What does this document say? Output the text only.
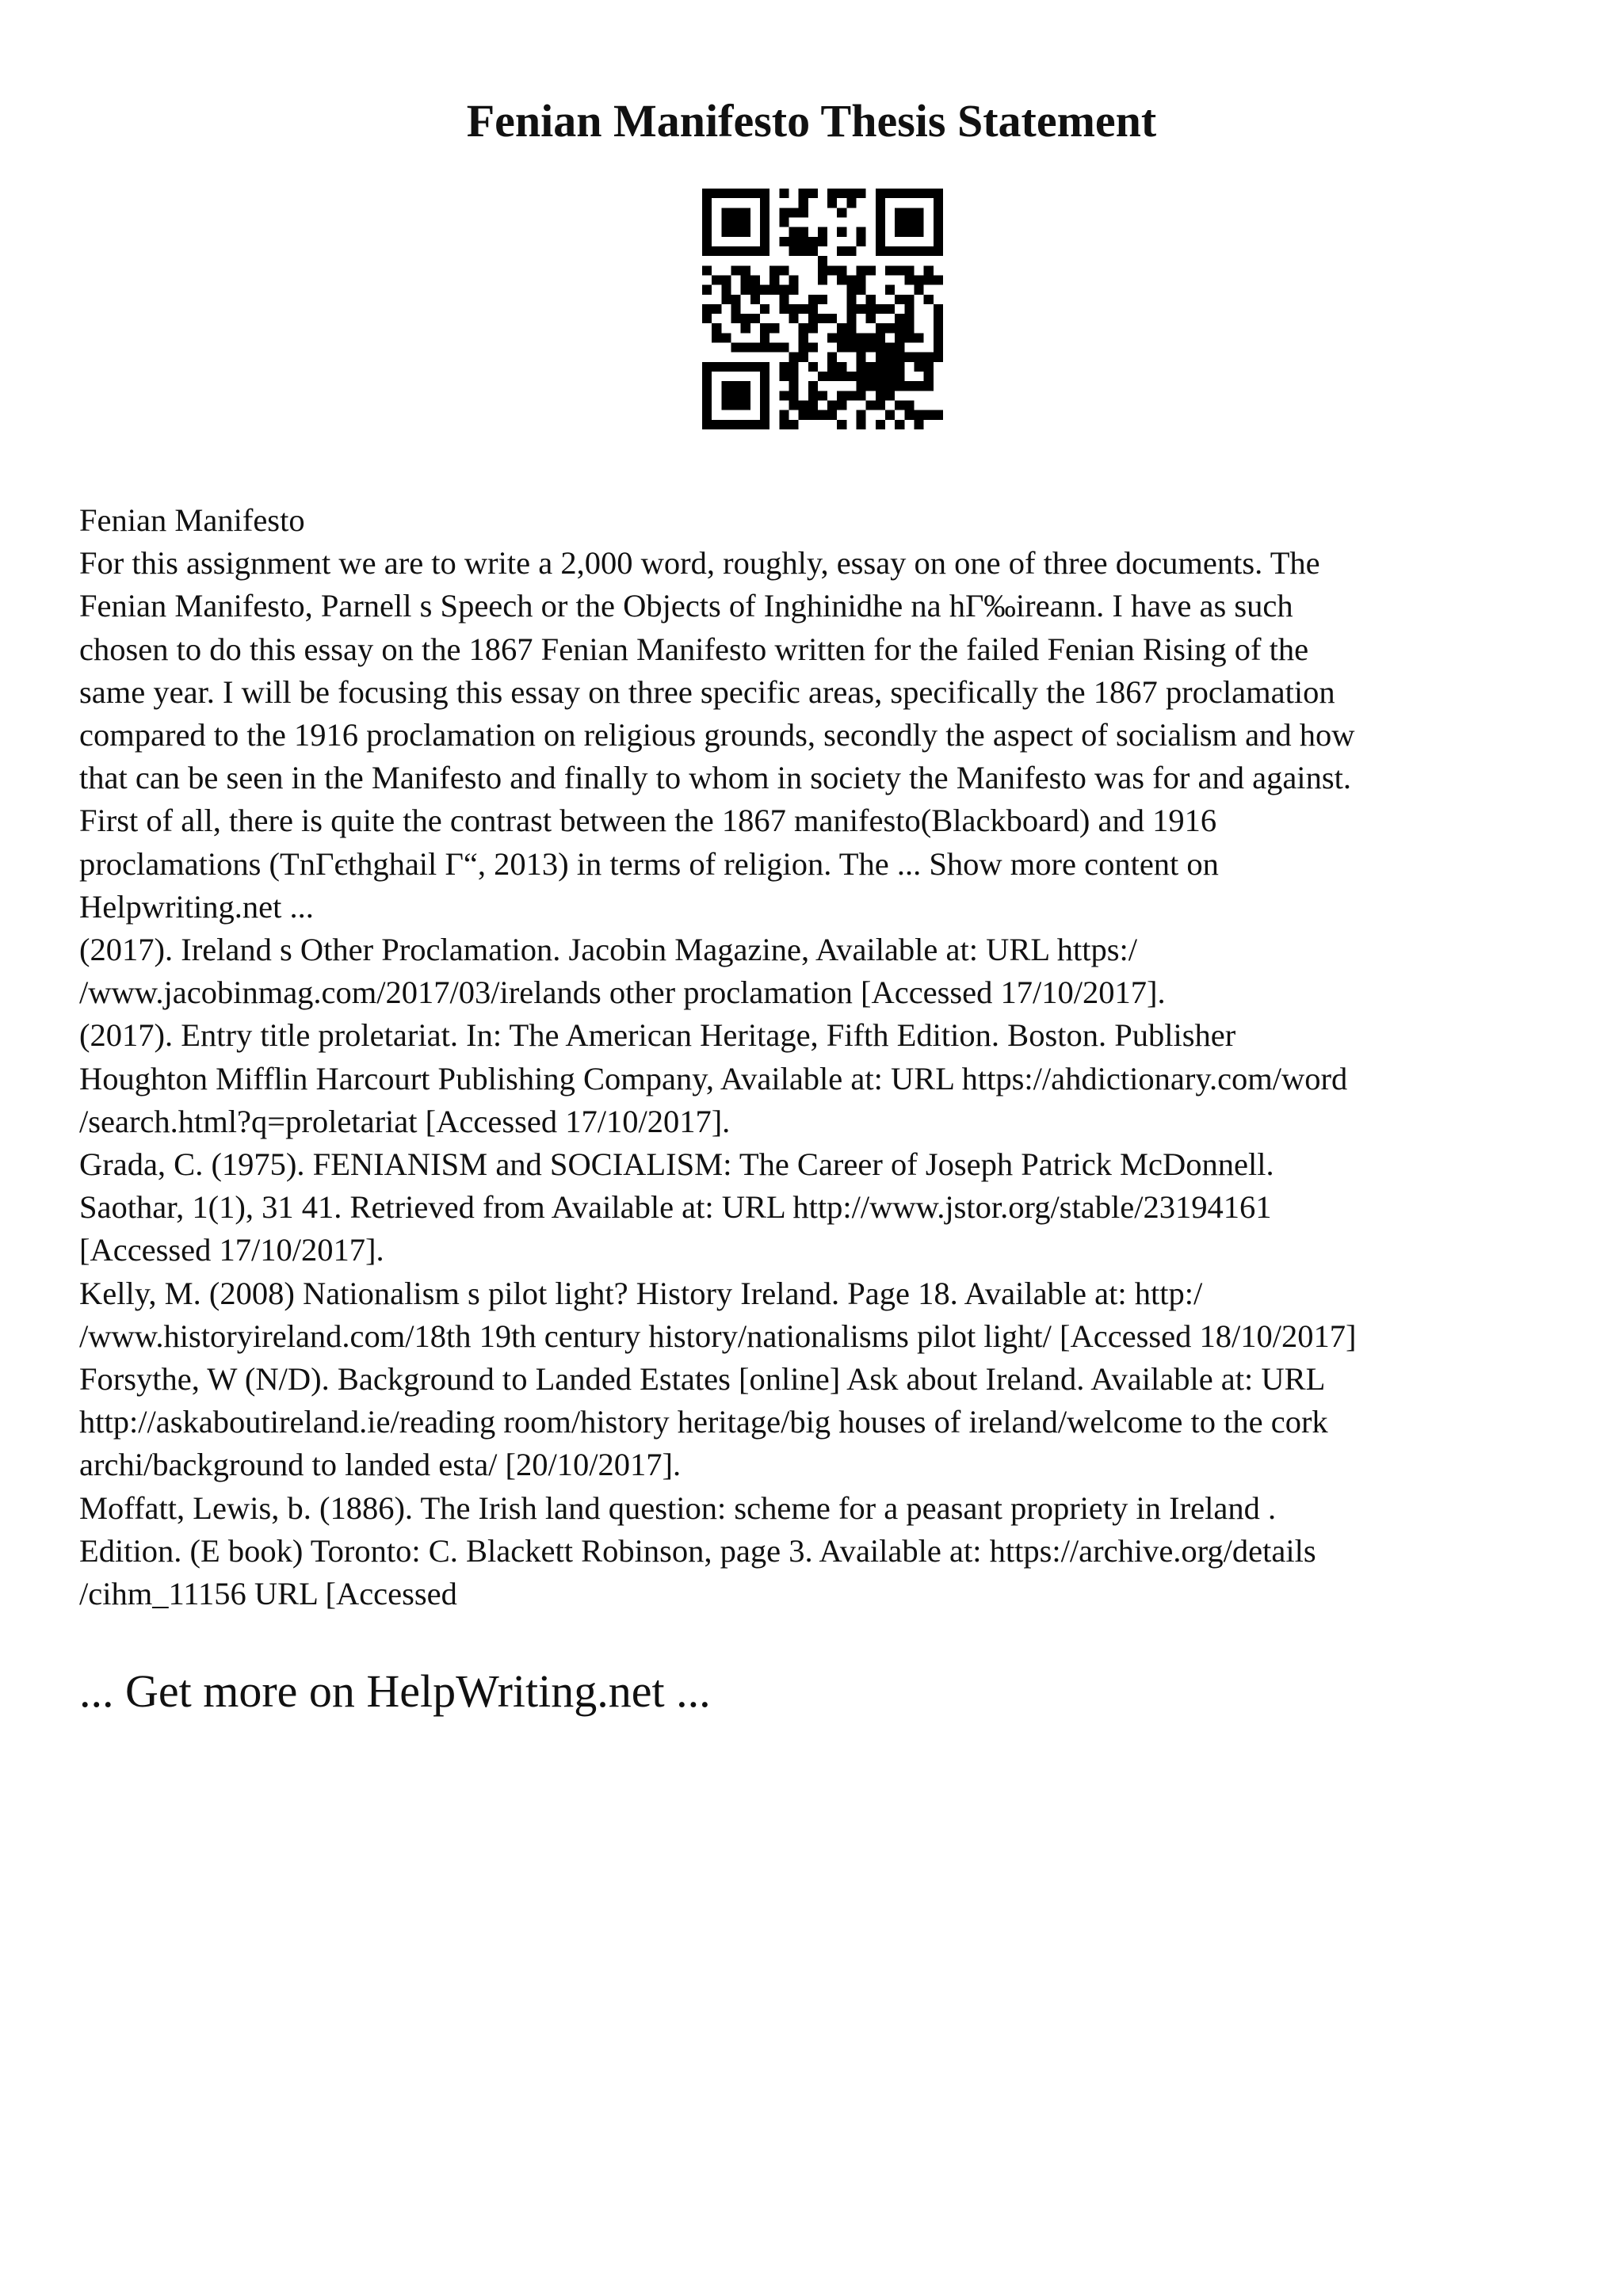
Fenian Manifesto Thesis Statement
Fenian Manifesto
For this assignment we are to write a 2,000 word, roughly, essay on one of three documents. The
Fenian Manifesto, Parnell s Speech or the Objects of Inghinidhe na hΓ‰ireann. I have as such
chosen to do this essay on the 1867 Fenian Manifesto written for the failed Fenian Rising of the
same year. I will be focusing this essay on three specific areas, specifically the 1867 proclamation
compared to the 1916 proclamation on religious grounds, secondly the aspect of socialism and how
that can be seen in the Manifesto and finally to whom in society the Manifesto was for and against.
First of all, there is quite the contrast between the 1867 manifesto(Blackboard) and 1916
proclamations (TnΓєthghail Γ“, 2013) in terms of religion. The ... Show more content on
Helpwriting.net ...
(2017). Ireland s Other Proclamation. Jacobin Magazine, Available at: URL https:/
/www.jacobinmag.com/2017/03/irelands other proclamation [Accessed 17/10/2017].
(2017). Entry title proletariat. In: The American Heritage, Fifth Edition. Boston. Publisher
Houghton Mifflin Harcourt Publishing Company, Available at: URL https://ahdictionary.com/word
/search.html?q=proletariat [Accessed 17/10/2017].
Grada, C. (1975). FENIANISM and SOCIALISM: The Career of Joseph Patrick McDonnell.
Saothar, 1(1), 31 41. Retrieved from Available at: URL http://www.jstor.org/stable/23194161
[Accessed 17/10/2017].
Kelly, M. (2008) Nationalism s pilot light? History Ireland. Page 18. Available at: http:/
/www.historyireland.com/18th 19th century history/nationalisms pilot light/ [Accessed 18/10/2017]
Forsythe, W (N/D). Background to Landed Estates [online] Ask about Ireland. Available at: URL
http://askaboutireland.ie/reading room/history heritage/big houses of ireland/welcome to the cork
archi/background to landed esta/ [20/10/2017].
Moffatt, Lewis, b. (1886). The Irish land question: scheme for a peasant propriety in Ireland .
Edition. (E book) Toronto: C. Blackett Robinson, page 3. Available at: https://archive.org/details
/cihm_11156 URL [Accessed

... Get more on HelpWriting.net ...
